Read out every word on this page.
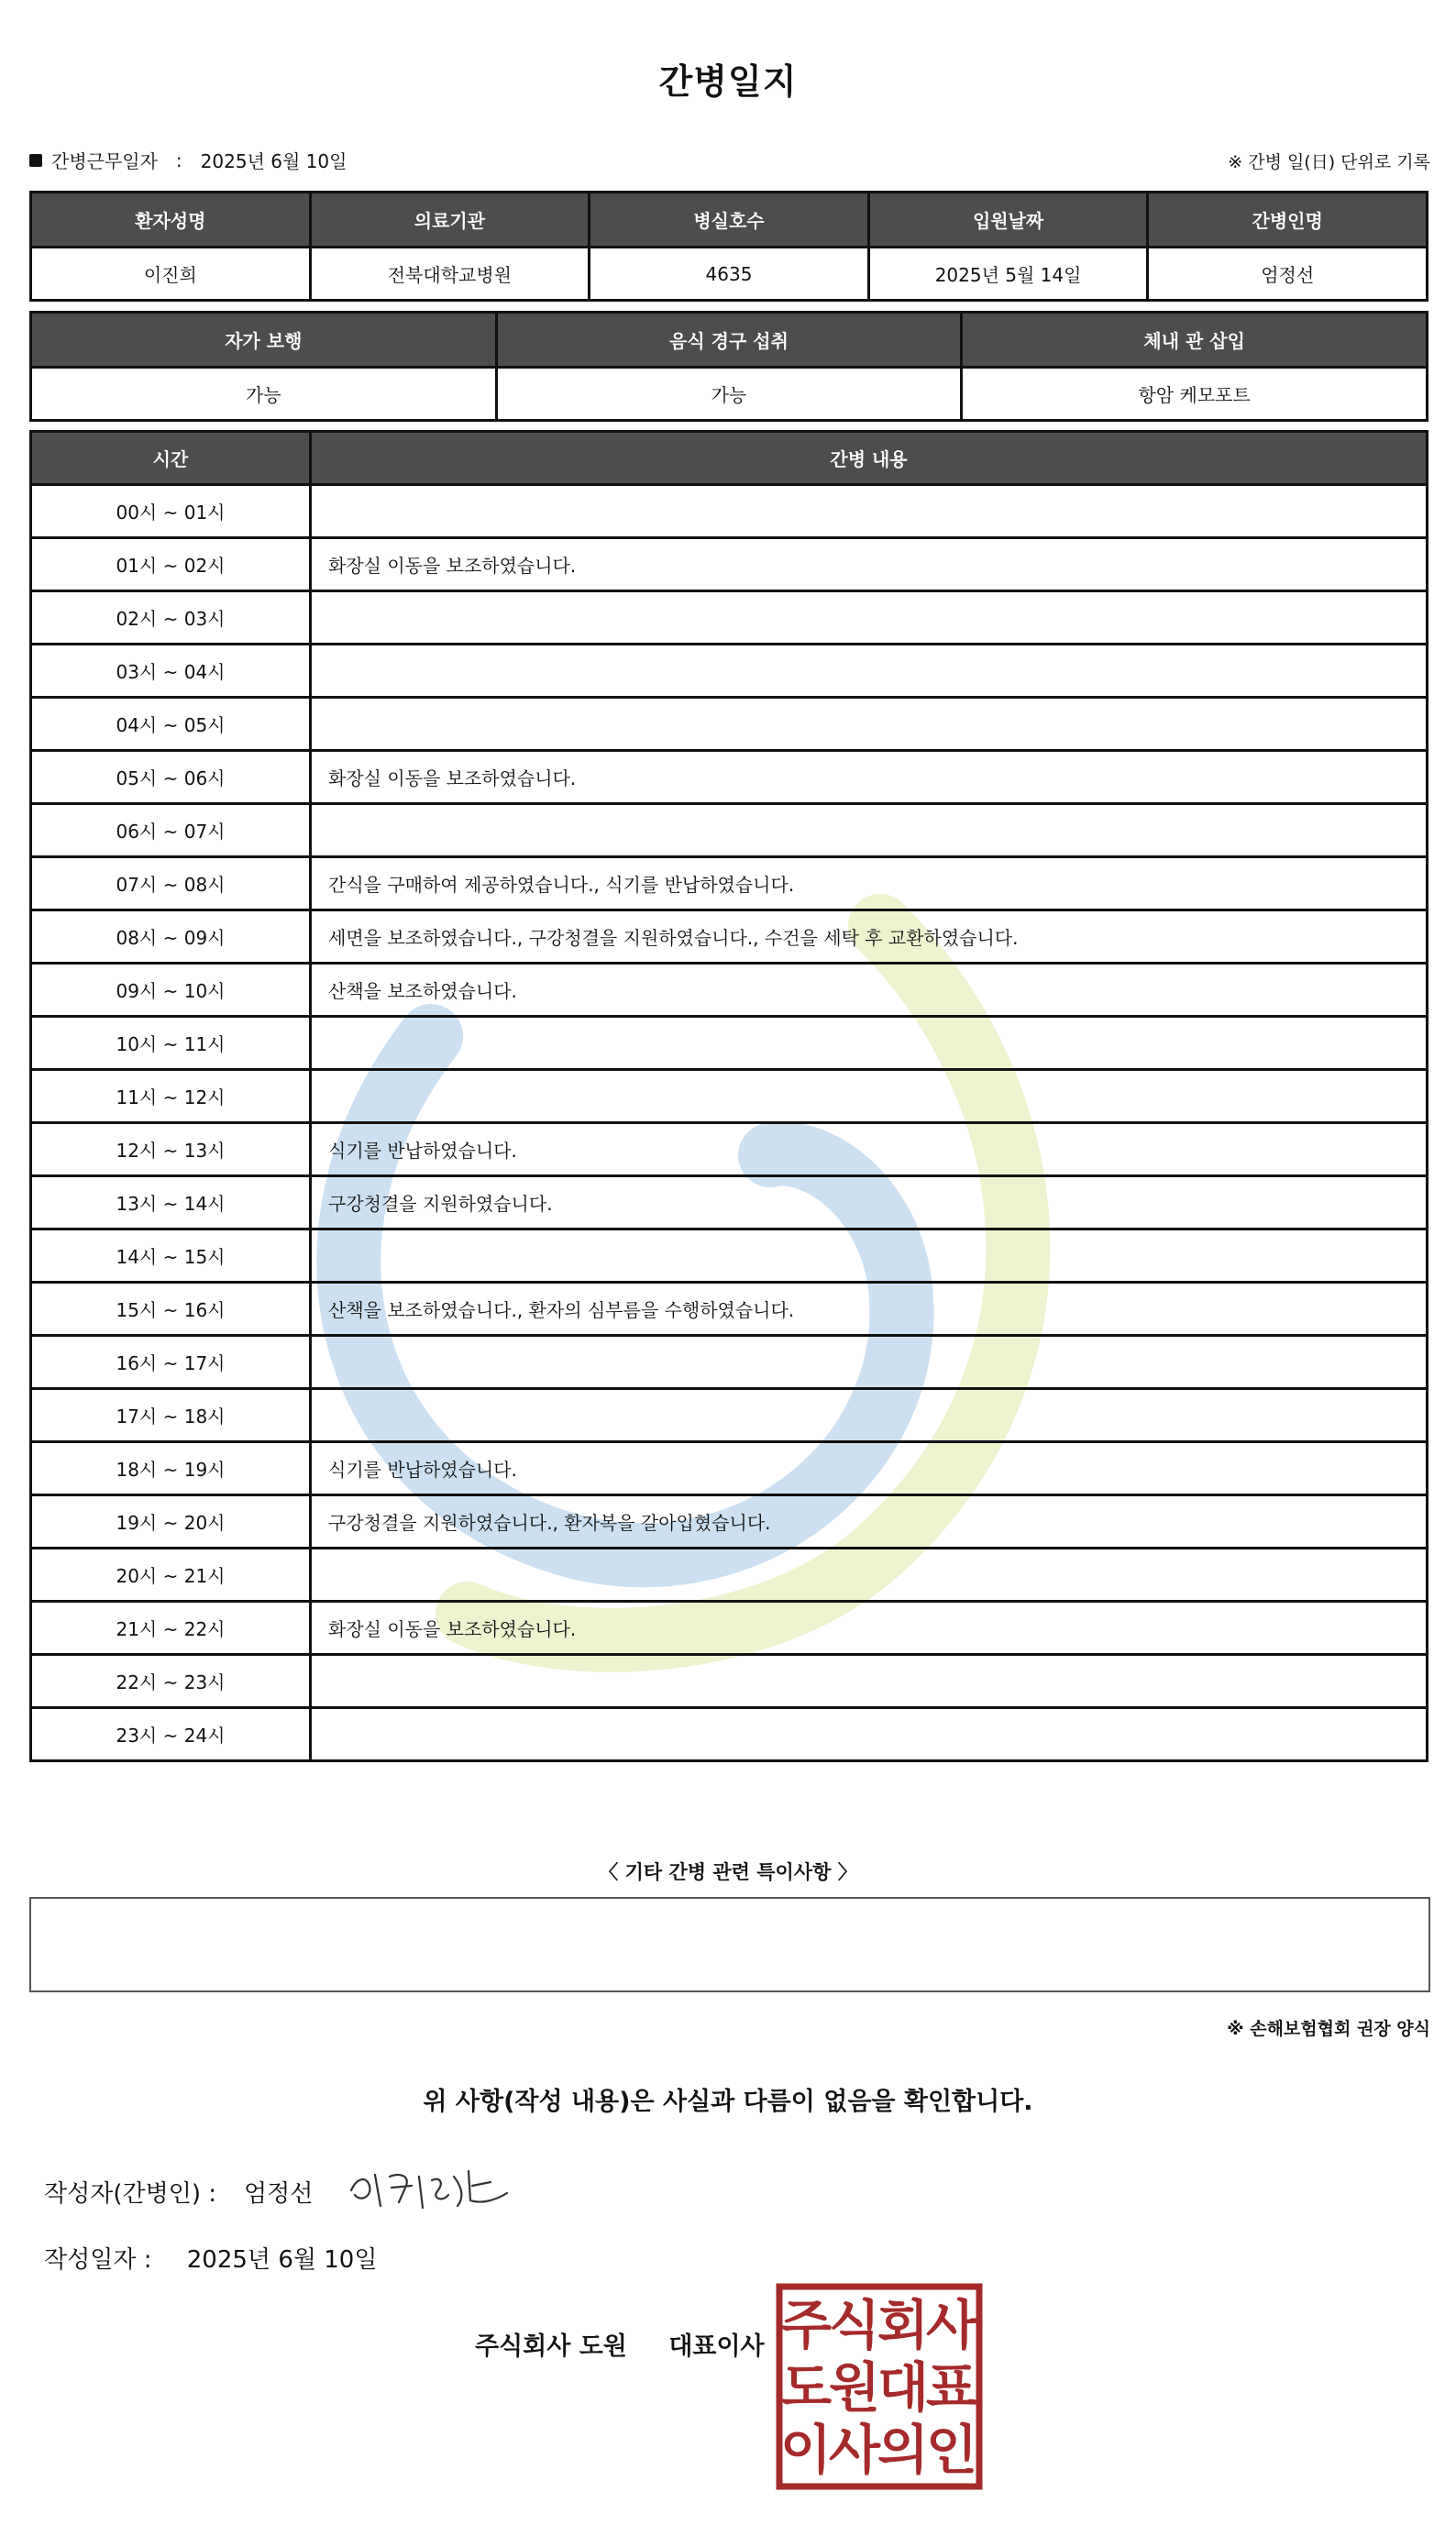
간병일지
간병근무일자 : 2025년 6월 10일	※ 간병 일(日) 단위로 기록
환자성명	의료기관	병실호수	입원날짜	간병인명
이진희	전북대학교병원	4635	2025년 5월 14일	엄정선
자가 보행	음식 경구 섭취	체내 관 삽입
가능	가능	항암 케모포트
시간	간병 내용
00시 ~ 01시	
01시 ~ 02시	화장실 이동을 보조하였습니다.
02시 ~ 03시	
03시 ~ 04시	
04시 ~ 05시	
05시 ~ 06시	화장실 이동을 보조하였습니다.
06시 ~ 07시	
07시 ~ 08시	간식을 구매하여 제공하였습니다., 식기를 반납하였습니다.
08시 ~ 09시	세면을 보조하였습니다., 구강청결을 지원하였습니다., 수건을 세탁 후 교환하였습니다.
09시 ~ 10시	산책을 보조하였습니다.
10시 ~ 11시	
11시 ~ 12시	
12시 ~ 13시	식기를 반납하였습니다.
13시 ~ 14시	구강청결을 지원하였습니다.
14시 ~ 15시	
15시 ~ 16시	산책을 보조하였습니다., 환자의 심부름을 수행하였습니다.
16시 ~ 17시	
17시 ~ 18시	
18시 ~ 19시	식기를 반납하였습니다.
19시 ~ 20시	구강청결을 지원하였습니다., 환자복을 갈아입혔습니다.
20시 ~ 21시	
21시 ~ 22시	화장실 이동을 보조하였습니다.
22시 ~ 23시	
23시 ~ 24시	
〈 기타 간병 관련 특이사항 〉
※ 손해보험협회 권장 양식
위 사항(작성 내용)은 사실과 다름이 없음을 확인합니다.
작성자(간병인) : 엄정선
작성일자 : 2025년 6월 10일
주식회사 도원 대표이사 주
식
회
사
도
원
대
표
이
사
의
인
